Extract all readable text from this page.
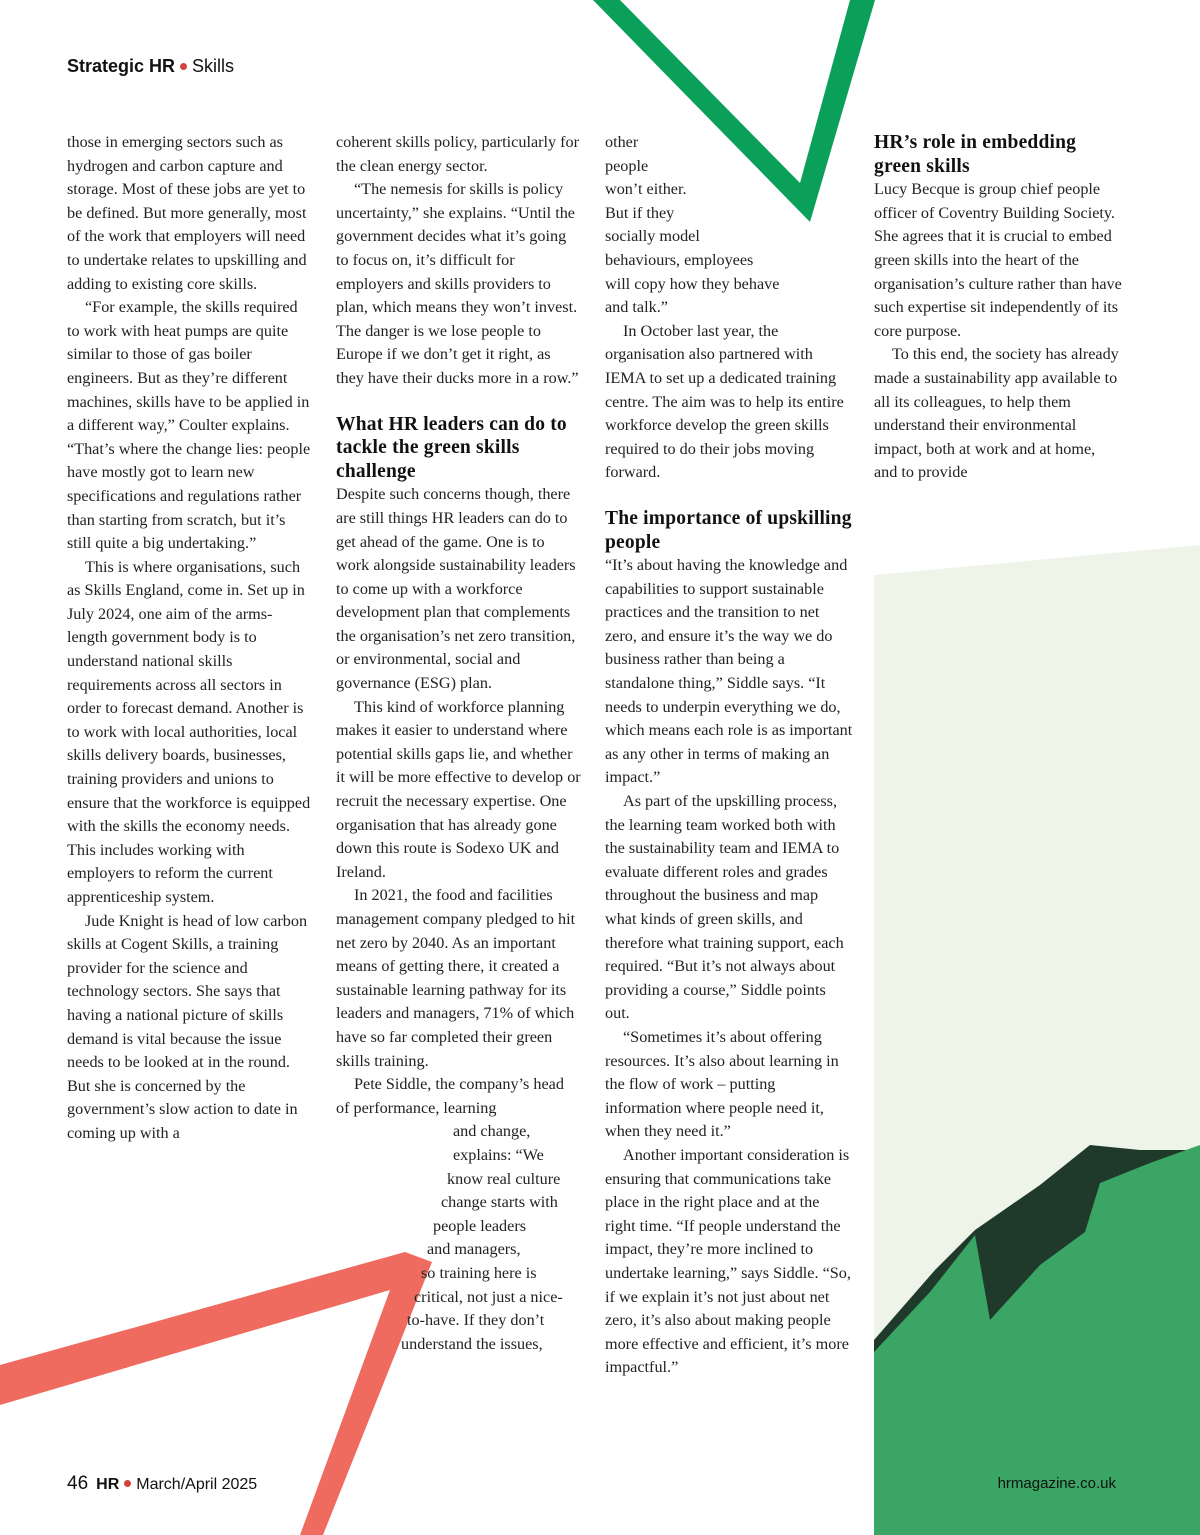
Strategic HR Skills

those in emerging sectors such as hydrogen and carbon capture and storage. Most of these jobs are yet to be defined. But more generally, most of the work that employers will need to undertake relates to upskilling and adding to existing core skills.

“For example, the skills required to work with heat pumps are quite similar to those of gas boiler engineers. But as they’re different machines, skills have to be applied in a different way,” Coulter explains. “That’s where the change lies: people have mostly got to learn new specifications and regulations rather than starting from scratch, but it’s still quite a big undertaking.”

This is where organisations, such as Skills England, come in. Set up in July 2024, one aim of the arms-length government body is to understand national skills requirements across all sectors in order to forecast demand. Another is to work with local authorities, local skills delivery boards, businesses, training providers and unions to ensure that the workforce is equipped with the skills the economy needs. This includes working with employers to reform the current apprenticeship system.

Jude Knight is head of low carbon skills at Cogent Skills, a training provider for the science and technology sectors. She says that having a national picture of skills demand is vital because the issue needs to be looked at in the round. But she is concerned by the government’s slow action to date in coming up with a

coherent skills policy, particularly for the clean energy sector.

“The nemesis for skills is policy uncertainty,” she explains. “Until the government decides what it’s going to focus on, it’s difficult for employers and skills providers to plan, which means they won’t invest. The danger is we lose people to Europe if we don’t get it right, as they have their ducks more in a row.”

What HR leaders can do to tackle the green skills challenge

Despite such concerns though, there are still things HR leaders can do to get ahead of the game. One is to work alongside sustainability leaders to come up with a workforce development plan that complements the organisation’s net zero transition, or environmental, social and governance (ESG) plan.

This kind of workforce planning makes it easier to understand where potential skills gaps lie, and whether it will be more effective to develop or recruit the necessary expertise. One organisation that has already gone down this route is Sodexo UK and Ireland.

In 2021, the food and facilities management company pledged to hit net zero by 2040. As an important means of getting there, it created a sustainable learning pathway for its leaders and managers, 71% of which have so far completed their green skills training.

Pete Siddle, the company’s head of performance, learning

and change,

explains: “We

know real culture

change starts with

people leaders

and managers,

so training here is

critical, not just a nice-

to-have. If they don’t

understand the issues,

other

people

won’t either.

But if they

socially model

behaviours, employees

will copy how they behave

and talk.”

In October last year, the organisation also partnered with IEMA to set up a dedicated training centre. The aim was to help its entire workforce develop the green skills required to do their jobs moving forward.

The importance of upskilling people

“It’s about having the knowledge and capabilities to support sustainable practices and the transition to net zero, and ensure it’s the way we do business rather than being a standalone thing,” Siddle says. “It needs to underpin everything we do, which means each role is as important as any other in terms of making an impact.”

As part of the upskilling process, the learning team worked both with the sustainability team and IEMA to evaluate different roles and grades throughout the business and map what kinds of green skills, and therefore what training support, each required. “But it’s not always about providing a course,” Siddle points out.

“Sometimes it’s about offering resources. It’s also about learning in the flow of work – putting information where people need it, when they need it.”

Another important consideration is ensuring that communications take place in the right place and at the right time. “If people understand the impact, they’re more inclined to undertake learning,” says Siddle. “So, if we explain it’s not just about net zero, it’s also about making people more effective and efficient, it’s more impactful.”

HR’s role in embedding green skills

Lucy Becque is group chief people officer of Coventry Building Society. She agrees that it is crucial to embed green skills into the heart of the organisation’s culture rather than have such expertise sit independently of its core purpose.

To this end, the society has already made a sustainability app available to all its colleagues, to help them understand their environmental impact, both at work and at home, and to provide

46 HR March/April 2025	hrmagazine.co.uk
